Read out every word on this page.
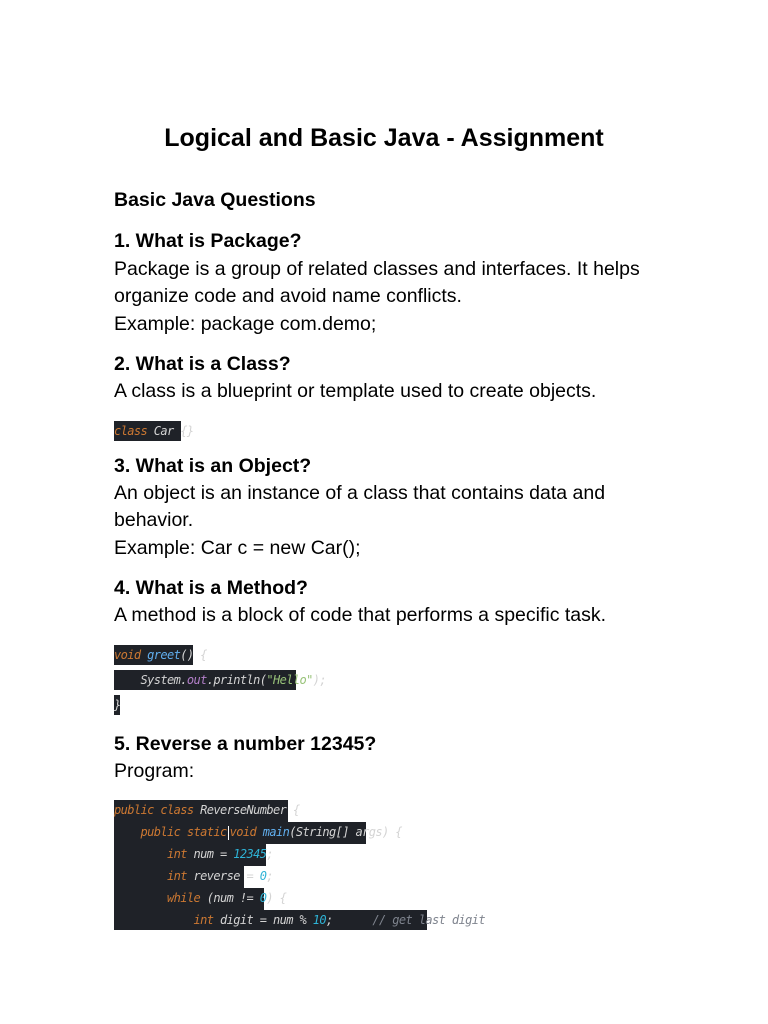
Logical and Basic Java - Assignment
Basic Java Questions
1. What is Package?
Package is a group of related classes and interfaces. It helps
organize code and avoid name conflicts.
Example: package com.demo;
2. What is a Class?
A class is a blueprint or template used to create objects.
class Car {}
3. What is an Object?
An object is an instance of a class that contains data and
behavior.
Example: Car c = new Car();
4. What is a Method?
A method is a block of code that performs a specific task.
void greet() {
System.out.println("Hello");
}
5. Reverse a number 12345?
Program:
public class ReverseNumber {
public static void main(String[] args) {
int num = 12345;
int reverse = 0;
while (num != 0) {
int digit = num % 10;      // get last digit
